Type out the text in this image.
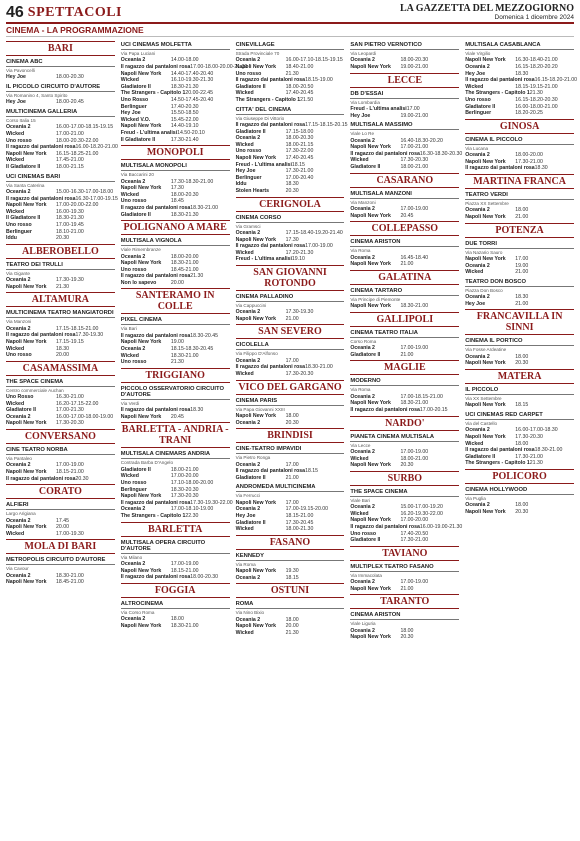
46 SPETTACOLI	LA GAZZETTA DEL MEZZOGIORNO
Domenica 1 dicembre 2024
CINEMA - LA PROGRAMMAZIONE
BARI
CINEMA ABC
Via Pavoncelli
Hey Joe	18.00-20.30
IL PICCOLO CIRCUITO D'AUTORE
Via Romanino 4, Santo Spirito
Hey Joe	18.00-20.45
MULTICINEMA GALLERIA
Corso Italia 15
Oceania 2	16.00-17.00-18.15-19.15
Wicked	17.00-21.00
Uno rosso	18.00-20.30-22.00
Il ragazzo dai pantaloni rosa 16.00-18.20-21.00
Napoli New York	16.15-18.25-21.00
Wicked	17.45-21.00
Il Gladiatore II	18.00-21.15
UCI CINEMAS BARI
Via Santa Caterina
Oceania 2	15.00-16.30-17.00-18.00
Il ragazzo dai pantaloni rosa 16.30-17.00-19.15
Napoli New York	17.00-20.00-22.00
Wicked	16.00-19.30
Il Gladiatore II	18.30-21.30
Uno rosso	17.00-19.45
Berlinguer	18.10-21.00
Iddu	20.30
ALBEROBELLO
TEATRO DEI TRULLI
Via Gigante
Oceania 2	17.30-19.30
Napoli New York	21.30
ALTAMURA
MULTICINEMA TEATRO MANGIATORDI
Via Manzoni
Oceania 2	17.15-18.15-21.00
Il ragazzo dai pantaloni rosa 17.30-19.30
Napoli New York	17.15-19.15
Wicked	18.30
Uno rosso	20.00
CASAMASSIMA
THE SPACE CINEMA
Centro commerciale Auchan
Uno Rosso	16.30-21.00
Wicked	16.20-17.15-22.00
Gladiatore II	17.00-21.30
Oceania 2	16.00-17.00-18.00-19.00
Napoli New York	17.30-20.30
CONVERSANO
CINE TEATRO NORBA
Via Pantaleo
Oceania 2	17.00-19.00
Napoli New York	18.15-21.00
Il ragazzo dai pantaloni rosa 20.30
CORATO
ALFIERI
Largo Arigiana
Oceania 2	17.45
Napoli New York	20.00
Wicked	17.00-19.30
MOLA DI BARI
METROPOLIS CIRCUITO D'AUTORE
Via Cavour
Oceania 2	18.30-21.00
Napoli New York	18.45-21.00
UCI CINEMAS MOLFETTA
Via Papa Luciani
Oceania 2	14.00-18.00
Il ragazzo dai pantaloni rosa 17.00-18.00-20.00-21.30
Napoli New York	14.40-17.40-20.40
Wicked	16.10-19.30-21.30
Gladiatore II	18.30-21.30
The Strangers - Capitolo 1 20.00-22.45
Uno Rosso	14.50-17.45-20.40
Berlinguer	17.40-20.30
Hey Joe	15.50-18.50
Wicked V.O.	15.45-22.00
Napoli New York	14.40-19.10
Freud - L'ultima analisi 14.50-20.10
Il Gladiatore II	17.30-21.40
MONOPOLI
MULTISALA MONOPOLI
Via Baccarini 20
Oceania 2	17.30-18.30-21.00
Napoli New York	17.30
Wicked	18.00-20.30
Uno rosso	18.45
Il ragazzo dai pantaloni rosa 18.30-21.00
Gladiatore II	18.30-21.30
POLIGNANO A MARE
MULTISALA VIGNOLA
Viale Rimembranze
Oceania 2	18.00-20.00
Napoli New York	18.30-21.00
Uno rosso	18.45-21.00
Il ragazzo dai pantaloni rosa 21.30
Non lo sapevo	20.00
SANTERAMO IN COLLE
PIXEL CINEMA
Via Bari
Il ragazzo dai pantaloni rosa 18.30-20.45
Napoli New York	19.00
Oceania 2	18.15-18.30-20.45
Wicked	18.30-21.00
Uno rosso	21.30
TRIGGIANO
PICCOLO OSSERVATORIO CIRCUITO D'AUTORE
Via Verdi
Il ragazzo dai pantaloni rosa 18.30
Napoli New York	20.45
BARLETTA - ANDRIA - TRANI
MULTISALA CINEMARS ANDRIA
Contrada Barba D'Angelo
Gladiatore II	18.00-21.00
Wicked	17.00-20.00
Uno rosso	17.10-18.00-20.00
Berlinguer	18.30-20.30
Napoli New York	17.30-20.30
Il ragazzo dai pantaloni rosa 17.30-19.30-22.00
Oceania 2	17.00-18.10-19.00
The Strangers - Capitolo 1 22.30
BARLETTA
MULTISALA OPERA CIRCUITO D'AUTORE
Via Milano
Oceania 2	17.00-19.00
Napoli New York	18.15-21.00
Il ragazzo dai pantaloni rosa 18.00-20.30
FOGGIA
ALTROCINEMA
Via Corso Roma
Oceania 2	18.00
Napoli New York	18.30-21.00
CINEVILLAGE
Strada Provinciale 70
Oceania 2	16.00-17.10-18.15-19.15
Napoli New York	18.40-21.00
Uno rosso	21.30
Il ragazzo dai pantaloni rosa 18.15-19.00
Gladiatore II	18.00-20.50
Wicked	17.40-20.45
The Strangers - Capitolo 1 21.50
CITTA' DEL CINEMA
Via Giuseppe Di Vittorio
Il ragazzo dai pantaloni rosa 17.15-18.15-20.15
Gladiatore II	17.15-18.00
Oceania 2	18.00-20.30
Wicked	18.00-21.15
Uno rosso	17.30-22.00
Napoli New York	17.40-20.45
Freud - L'ultima analisi 18.15
Hey Joe	17.30-21.00
Berlinguer	17.00-20.40
Iddu	18.30
Stolen Hearts	20.30
CERIGNOLA
CINEMA CORSO
Via Gramsci
Oceania 2	17.15-18.40-19.20-21.40
Napoli New York	17.30
Il ragazzo dai pantaloni rosa 17.00-19.00
Wicked	17.20-21.30
Freud - L'ultima analisi 19.10
SAN GIOVANNI ROTONDO
CINEMA PALLADINO
Via Cappuccini
Oceania 2	17.30-19.30
Napoli New York	21.00
SAN SEVERO
CICOLELLA
Via Filippo D'Alfonso
Oceania 2	17.00
Il ragazzo dai pantaloni rosa 18.30-21.00
Wicked	17.30-20.30
VICO DEL GARGANO
CINEMA PARIS
Via Papa Giovanni XXIII
Napoli New York	18.00
Oceania 2	20.30
BRINDISI
CINE-TEATRO IMPAVIDI
Via Pietro Ronga
Oceania 2	17.00
Il ragazzo dai pantaloni rosa 18.15
Gladiatore II	21.00
ANDROMEDA MULTICINEMA
Via Ferrucci
Napoli New York	17.00
Oceania 2	17.00-19.15-20.00
Hey Joe	18.15-21.00
Gladiatore II	17.30-20.45
Wicked	18.00-21.30
FASANO
KENNEDY
Via Roma
Napoli New York	19.30
Oceania 2	18.15
OSTUNI
ROMA
Via Nino Bixio
Oceania 2	18.00
Napoli New York	20.00
Wicked	21.30
SAN PIETRO VERNOTICO
Via Leopardi
Oceania 2	18.00-20.30
Napoli New York	19.00-21.00
LECCE
DB D'ESSAI
Via Lombardia
Freud - L'ultima analisi 17.00
Hey Joe	19.00-21.00
MULTISALA MASSIMO
Viale Lo Re
Oceania 2	16.40-18.30-20.20
Napoli New York	17.00-21.00
Il ragazzo dai pantaloni rosa 16.30-18.30-20.30
Wicked	17.30-20.30
Gladiatore II	18.00-21.00
CASARANO
MULTISALA MANZONI
Via Manzoni
Oceania 2	17.00-19.00
Napoli New York	20.45
COLLEPASSO
CINEMA ARISTON
Via Roma
Oceania 2	16.45-18.40
Napoli New York	21.00
GALATINA
CINEMA TARTARO
Via Principe di Piemonte
Napoli New York	18.30-21.00
GALLIPOLI
CINEMA TEATRO ITALIA
Corso Roma
Oceania 2	17.00-19.00
Gladiatore II	21.00
MAGLIE
MODERNO
Via Roma
Oceania 2	17.00-18.15-21.00
Napoli New York	18.30-21.00
Il ragazzo dai pantaloni rosa 17.00-20.15
NARDO'
PIANETA CINEMA MULTISALA
Via Lecce
Oceania 2	17.00-19.00
Wicked	18.00-21.00
Napoli New York	20.30
SURBO
THE SPACE CINEMA
Viale Bari
Oceania 2	15.00-17.00-19.20
Wicked	16.20-19.30-22.00
Napoli New York	17.00-20.00
Il ragazzo dai pantaloni rosa 16.00-19.00-21.30
Uno rosso	17.40-20.50
Gladiatore II	17.30-21.00
TAVIANO
MULTIPLEX TEATRO FASANO
Via Immacolata
Oceania 2	17.00-19.00
Napoli New York	21.00
TARANTO
CINEMA ARISTON
Viale Liguria
Oceania 2	18.00
Napoli New York	20.30
MULTISALA CASABLANCA
Viale Virgilio
Napoli New York	16.30-18.40-21.00
Oceania 2	16.15-18.20-20.20
Hey Joe	18.30
Il ragazzo dai pantaloni rosa 16.15-18.20-21.00
Wicked	18.15-19.15-21.00
The Strangers - Capitolo 1 21.30
Uno rosso	16.15-18.20-20.30
Gladiatore II	16.00-18.00-21.00
Berlinguer	18.20-20.25
GINOSA
CINEMA IL PICCOLO
Via Lucana
Oceania 2	18.00-20.00
Napoli New York	17.30-21.00
Il ragazzo dai pantaloni rosa 18.30
MARTINA FRANCA
TEATRO VERDI
Piazza XX Settembre
Oceania 2	18.00
Napoli New York	21.00
POTENZA
DUE TORRI
Via Nazario Sauro
Napoli New York	17.00
Oceania 2	19.00
Wicked	21.00
TEATRO DON BOSCO
Piazza Don Bosco
Oceania 2	18.30
Hey Joe	21.00
FRANCAVILLA IN SINNI
CINEMA IL PORTICO
Via Fosse Ardeatine
Oceania 2	18.00
Napoli New York	20.30
MATERA
IL PICCOLO
Via XX Settembre
Napoli New York	18.15
UCI CINEMAS RED CARPET
Via del Castello
Oceania 2	16.00-17.00-18.30
Napoli New York	17.30-20.30
Wicked	18.00
Il ragazzo dai pantaloni rosa 18.30-21.00
Gladiatore II	17.30-21.00
The Strangers - Capitolo 1 21.30
POLICORO
CINEMA HOLLYWOOD
Via Puglia
Oceania 2	18.00
Napoli New York	20.30
